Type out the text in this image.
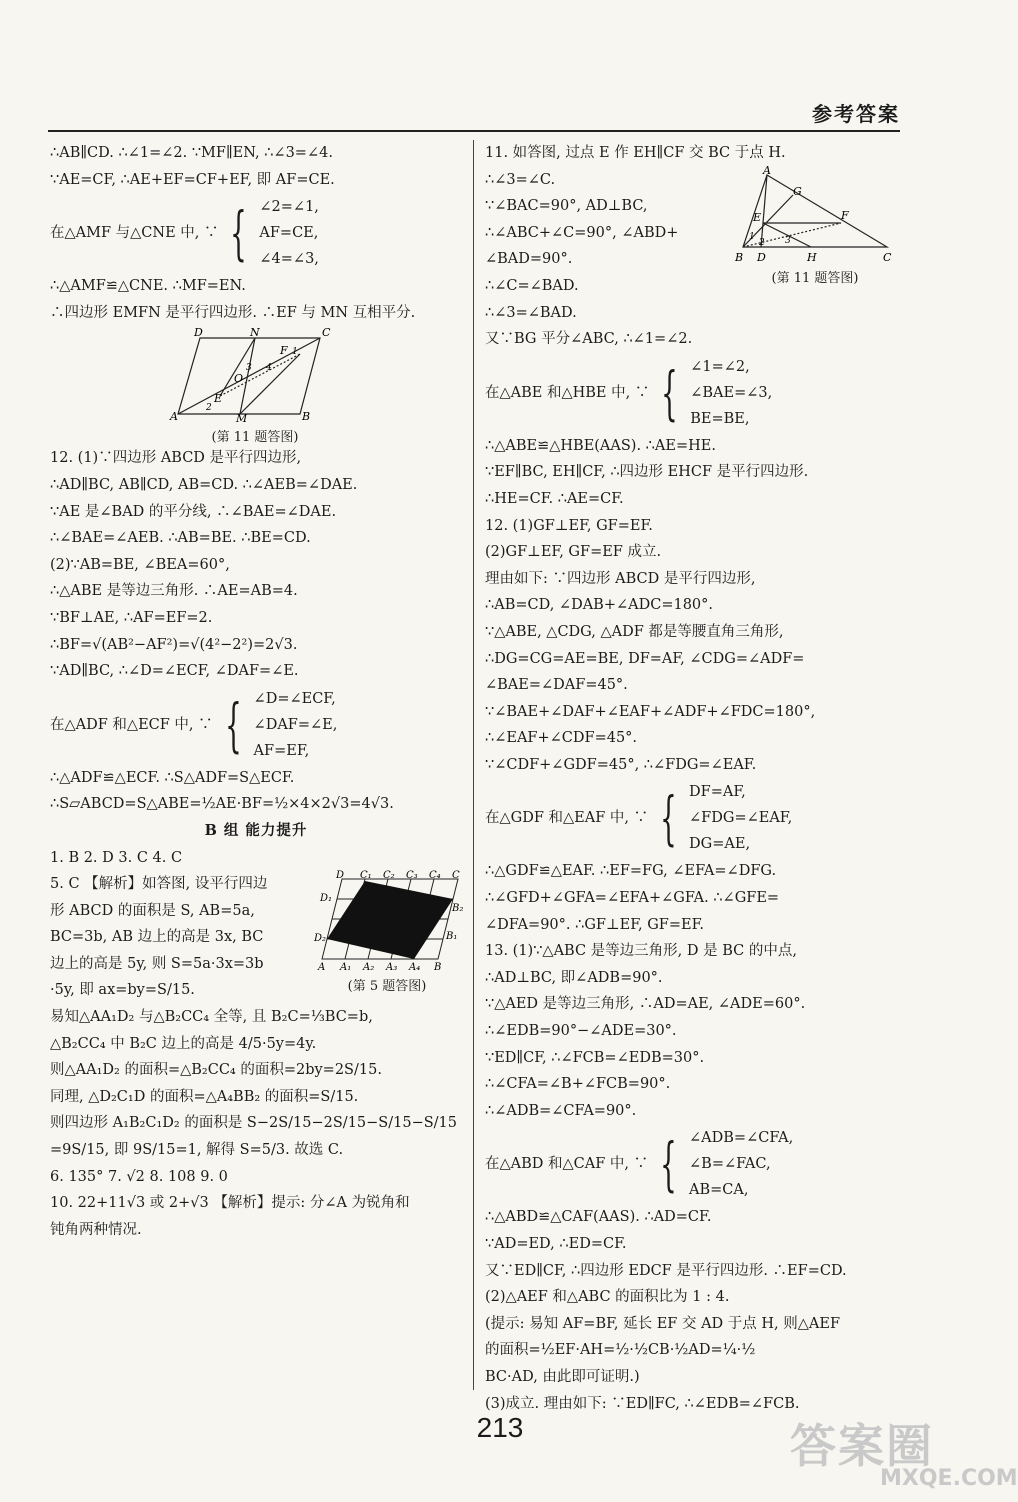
参考答案
∴AB∥CD. ∴∠1=∠2. ∵MF∥EN, ∴∠3=∠4.
∵AE=CF, ∴AE+EF=CF+EF, 即 AF=CE.
在△AMF 与△CNE 中, ∵ { ∠2=∠1,
AF=CE,
∠4=∠3,
∴△AMF≌△CNE. ∴MF=EN.
∴四边形 EMFN 是平行四边形. ∴EF 与 MN 互相平分.
D	N	C
F 1
3 4
O
E
2
A	M	B
(第 11 题答图)
12. (1)∵四边形 ABCD 是平行四边形,
∴AD∥BC, AB∥CD, AB=CD. ∴∠AEB=∠DAE.
∵AE 是∠BAD 的平分线, ∴∠BAE=∠DAE.
∴∠BAE=∠AEB. ∴AB=BE. ∴BE=CD.
(2)∵AB=BE, ∠BEA=60°,
∴△ABE 是等边三角形. ∴AE=AB=4.
∵BF⊥AE, ∴AF=EF=2.
∴BF=√(AB²−AF²)=√(4²−2²)=2√3.
∵AD∥BC, ∴∠D=∠ECF, ∠DAF=∠E.
在△ADF 和△ECF 中, ∵ { ∠D=∠ECF,
∠DAF=∠E,
AF=EF,
∴△ADF≌△ECF. ∴S△ADF=S△ECF.
∴S▱ABCD=S△ABE=½AE·BF=½×4×2√3=4√3.
B 组 能力提升
1. B 2. D 3. C 4. C
5. C 【解析】如答图, 设平行四边
形 ABCD 的面积是 S, AB=5a,
BC=3b, AB 边上的高是 3x, BC
边上的高是 5y, 则 S=5a·3x=3b
·5y, 即 ax=by=S/15.
D C₁ C₂ C₃ C₄ C
D₁
B₂
D₂	B₁
A A₁ A₂ A₃ A₄ B
(第 5 题答图)
易知△AA₁D₂ 与△B₂CC₄ 全等, 且 B₂C=⅓BC=b,
△B₂CC₄ 中 B₂C 边上的高是 4/5·5y=4y.
则△AA₁D₂ 的面积=△B₂CC₄ 的面积=2by=2S/15.
同理, △D₂C₁D 的面积=△A₄BB₂ 的面积=S/15.
则四边形 A₁B₂C₁D₂ 的面积是 S−2S/15−2S/15−S/15−S/15
=9S/15, 即 9S/15=1, 解得 S=5/3. 故选 C.
6. 135° 7. √2 8. 108 9. 0
10. 22+11√3 或 2+√3 【解析】提示: 分∠A 为锐角和
钝角两种情况.
11. 如答图, 过点 E 作 EH∥CF 交 BC 于点 H.
∴∠3=∠C.
∵∠BAC=90°, AD⊥BC,
∴∠ABC+∠C=90°, ∠ABD+
∠BAD=90°.
∴∠C=∠BAD.
A
G
F
E
1
2 3
B D	H	C
(第 11 题答图)
∴∠3=∠BAD.
又∵BG 平分∠ABC, ∴∠1=∠2.
在△ABE 和△HBE 中, ∵ { ∠1=∠2,
∠BAE=∠3,
BE=BE,
∴△ABE≌△HBE(AAS). ∴AE=HE.
∵EF∥BC, EH∥CF, ∴四边形 EHCF 是平行四边形.
∴HE=CF. ∴AE=CF.
12. (1)GF⊥EF, GF=EF.
(2)GF⊥EF, GF=EF 成立.
理由如下: ∵四边形 ABCD 是平行四边形,
∴AB=CD, ∠DAB+∠ADC=180°.
∵△ABE, △CDG, △ADF 都是等腰直角三角形,
∴DG=CG=AE=BE, DF=AF, ∠CDG=∠ADF=
∠BAE=∠DAF=45°.
∵∠BAE+∠DAF+∠EAF+∠ADF+∠FDC=180°,
∴∠EAF+∠CDF=45°.
∵∠CDF+∠GDF=45°, ∴∠FDG=∠EAF.
在△GDF 和△EAF 中, ∵ { DF=AF,
∠FDG=∠EAF,
DG=AE,
∴△GDF≌△EAF. ∴EF=FG, ∠EFA=∠DFG.
∴∠GFD+∠GFA=∠EFA+∠GFA. ∴∠GFE=
∠DFA=90°. ∴GF⊥EF, GF=EF.
13. (1)∵△ABC 是等边三角形, D 是 BC 的中点,
∴AD⊥BC, 即∠ADB=90°.
∵△AED 是等边三角形, ∴AD=AE, ∠ADE=60°.
∴∠EDB=90°−∠ADE=30°.
∵ED∥CF, ∴∠FCB=∠EDB=30°.
∴∠CFA=∠B+∠FCB=90°.
∴∠ADB=∠CFA=90°.
在△ABD 和△CAF 中, ∵ { ∠ADB=∠CFA,
∠B=∠FAC,
AB=CA,
∴△ABD≌△CAF(AAS). ∴AD=CF.
∵AD=ED, ∴ED=CF.
又∵ED∥CF, ∴四边形 EDCF 是平行四边形. ∴EF=CD.
(2)△AEF 和△ABC 的面积比为 1 : 4.
(提示: 易知 AF=BF, 延长 EF 交 AD 于点 H, 则△AEF
的面积=½EF·AH=½·½CB·½AD=¼·½
BC·AD, 由此即可证明.)
(3)成立. 理由如下: ∵ED∥FC, ∴∠EDB=∠FCB.
213	答案圈
MXQE.COM
